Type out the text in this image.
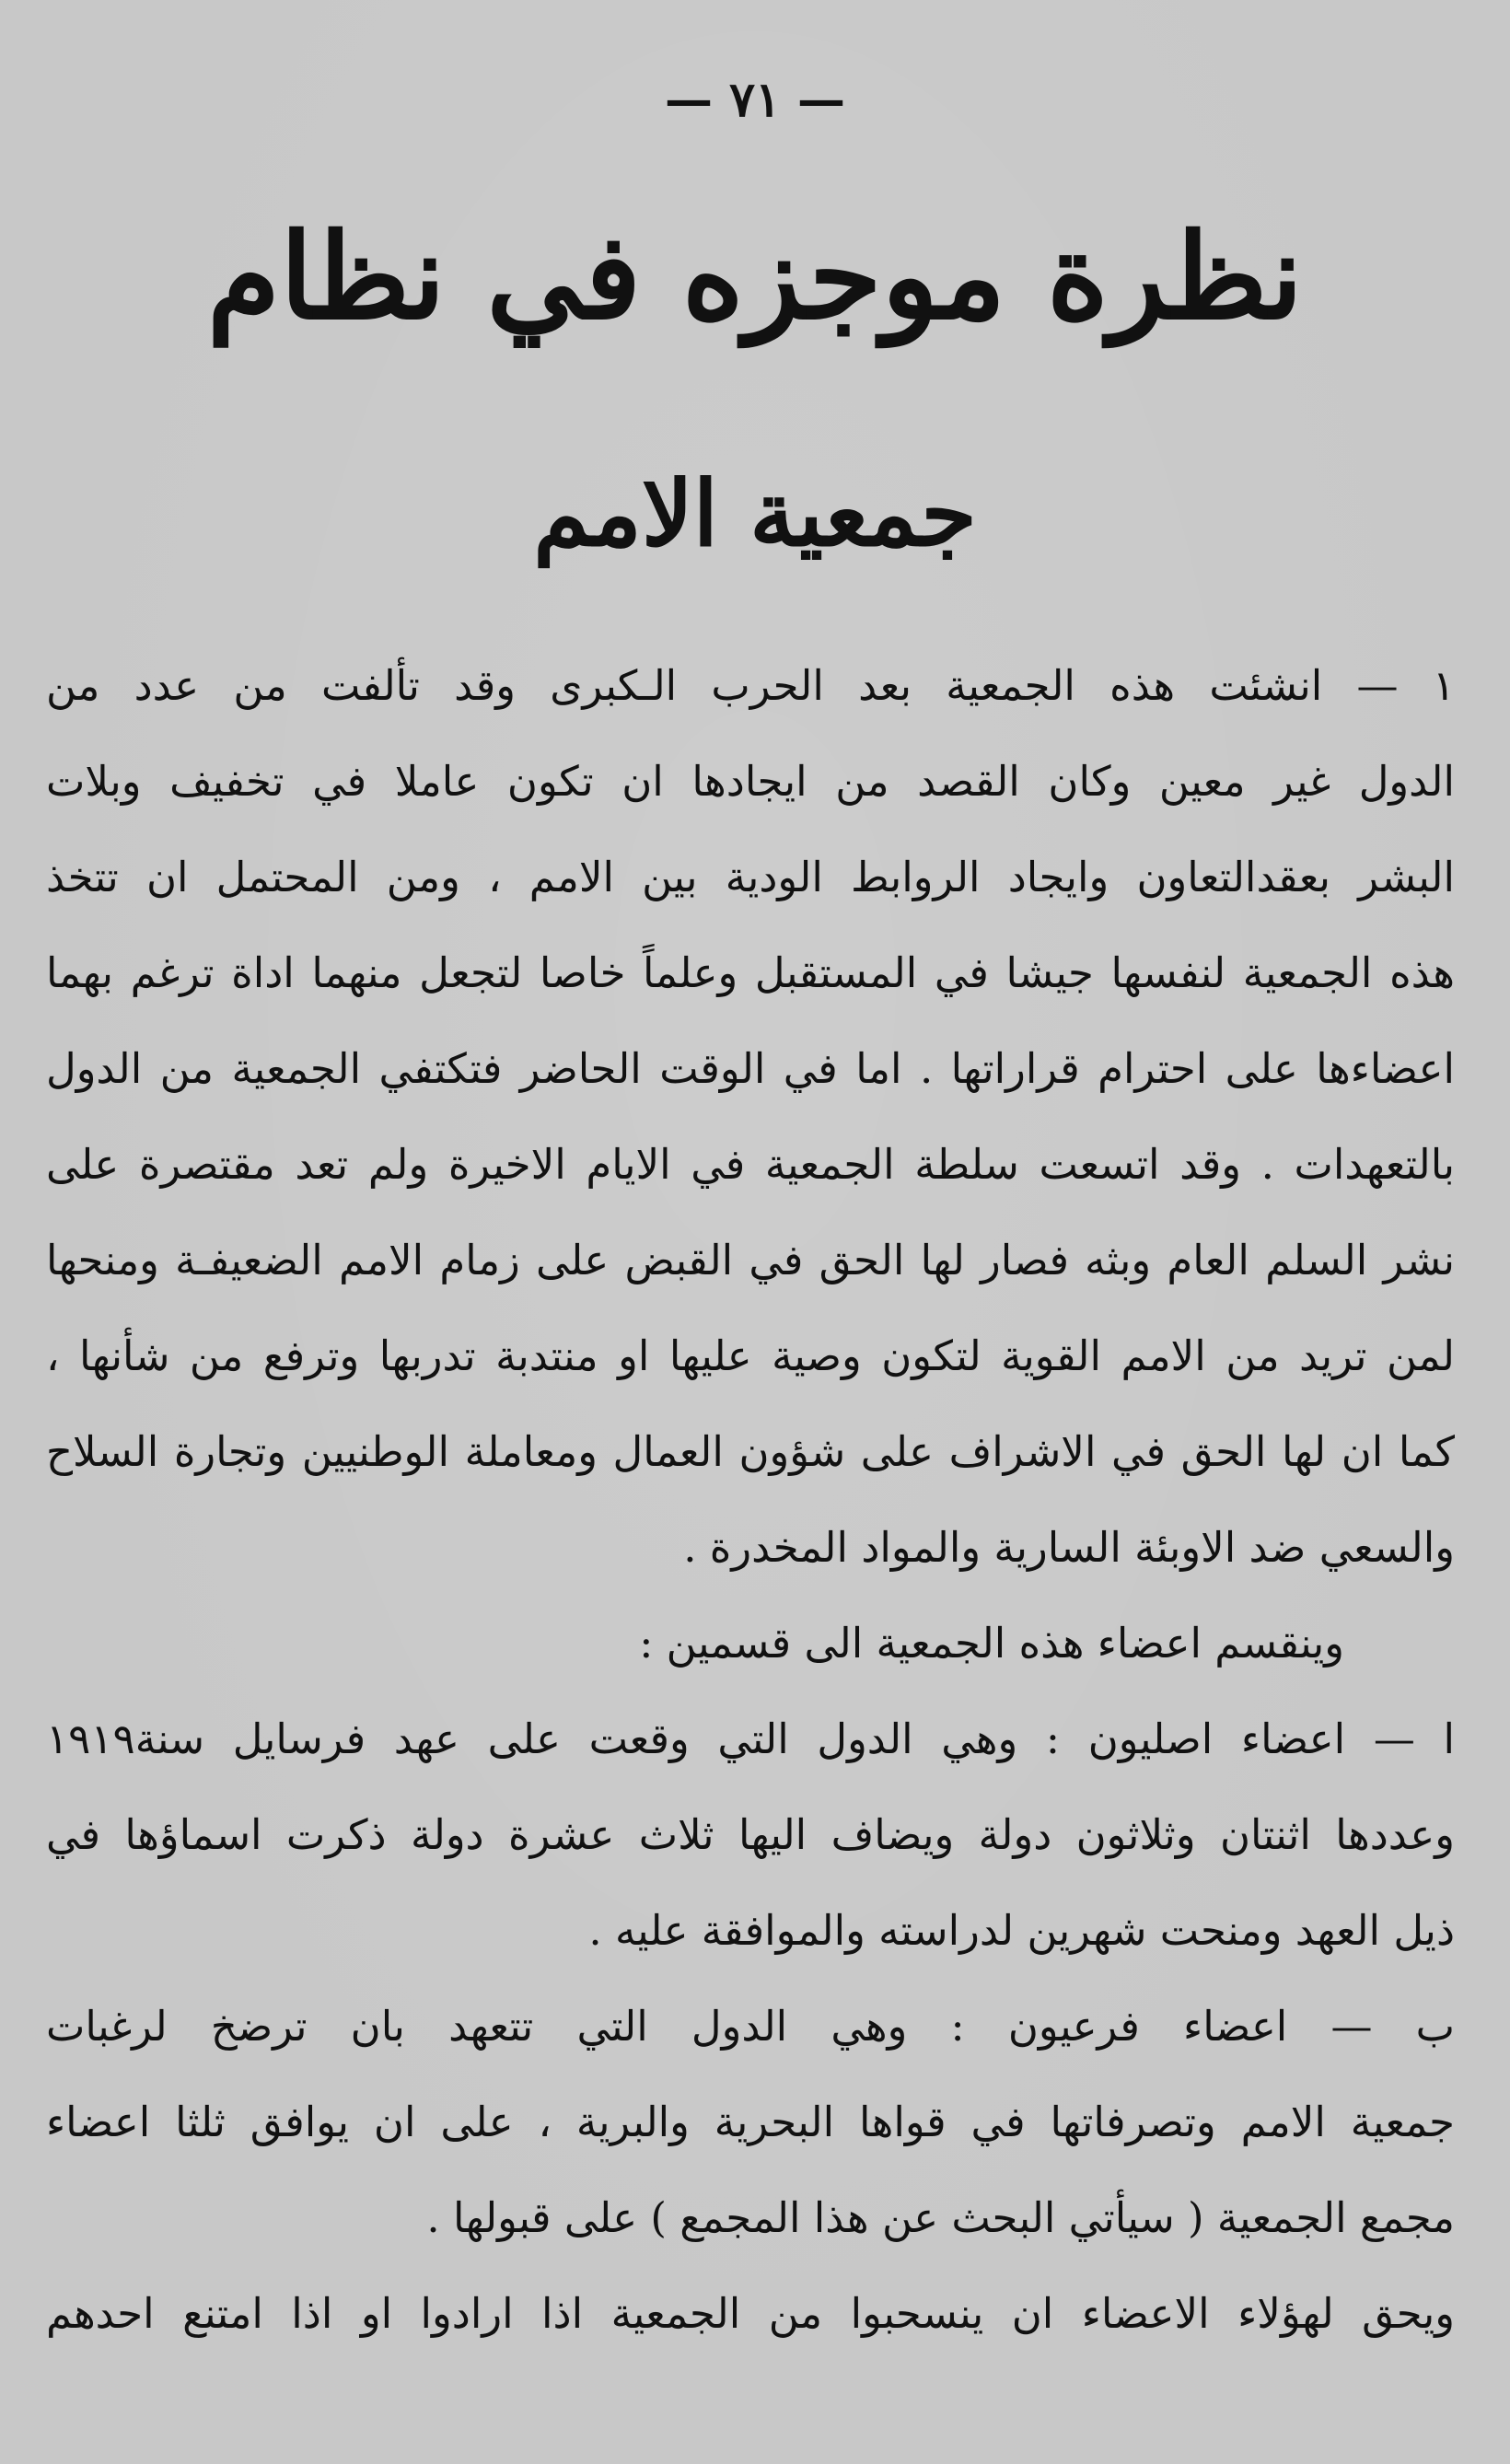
— ٧١ —
نظرة موجزه في نظام
جمعية الامم
١ — انشئت هذه الجمعية بعد الحرب الـكبرى وقد تألفت من عدد من
الدول غير معين وكان القصد من ايجادها ان تكون عاملا في تخفيف وبلات
البشر بعقدالتعاون وايجاد الروابط الودية بين الامم ، ومن المحتمل ان تتخذ
هذه الجمعية لنفسها جيشا في المستقبل وعلماً خاصا لتجعل منهما اداة ترغم بهما
اعضاءها على احترام قراراتها . اما في الوقت الحاضر فتكتفي الجمعية من الدول
بالتعهدات . وقد اتسعت سلطة الجمعية في الايام الاخيرة ولم تعد مقتصرة على
نشر السلم العام وبثه فصار لها الحق في القبض على زمام الامم الضعيفـة ومنحها
لمن تريد من الامم القوية لتكون وصية عليها او منتدبة تدربها وترفع من شأنها ،
كما ان لها الحق في الاشراف على شؤون العمال ومعاملة الوطنيين وتجارة السلاح
والسعي ضد الاوبئة السارية والمواد المخدرة .
وينقسم اعضاء هذه الجمعية الى قسمين :
ا — اعضاء اصليون : وهي الدول التي وقعت على عهد فرسايل سنة١٩١٩
وعددها اثنتان وثلاثون دولة ويضاف اليها ثلاث عشرة دولة ذكرت اسماؤها في
ذيل العهد ومنحت شهرين لدراسته والموافقة عليه .
ب — اعضاء فرعيون : وهي الدول التي تتعهد بان ترضخ لرغبات
جمعية الامم وتصرفاتها في قواها البحرية والبرية ، على ان يوافق ثلثا اعضاء
مجمع الجمعية ( سيأتي البحث عن هذا المجمع ) على قبولها .
ويحق لهؤلاء الاعضاء ان ينسحبوا من الجمعية اذا ارادوا او اذا امتنع احدهم
